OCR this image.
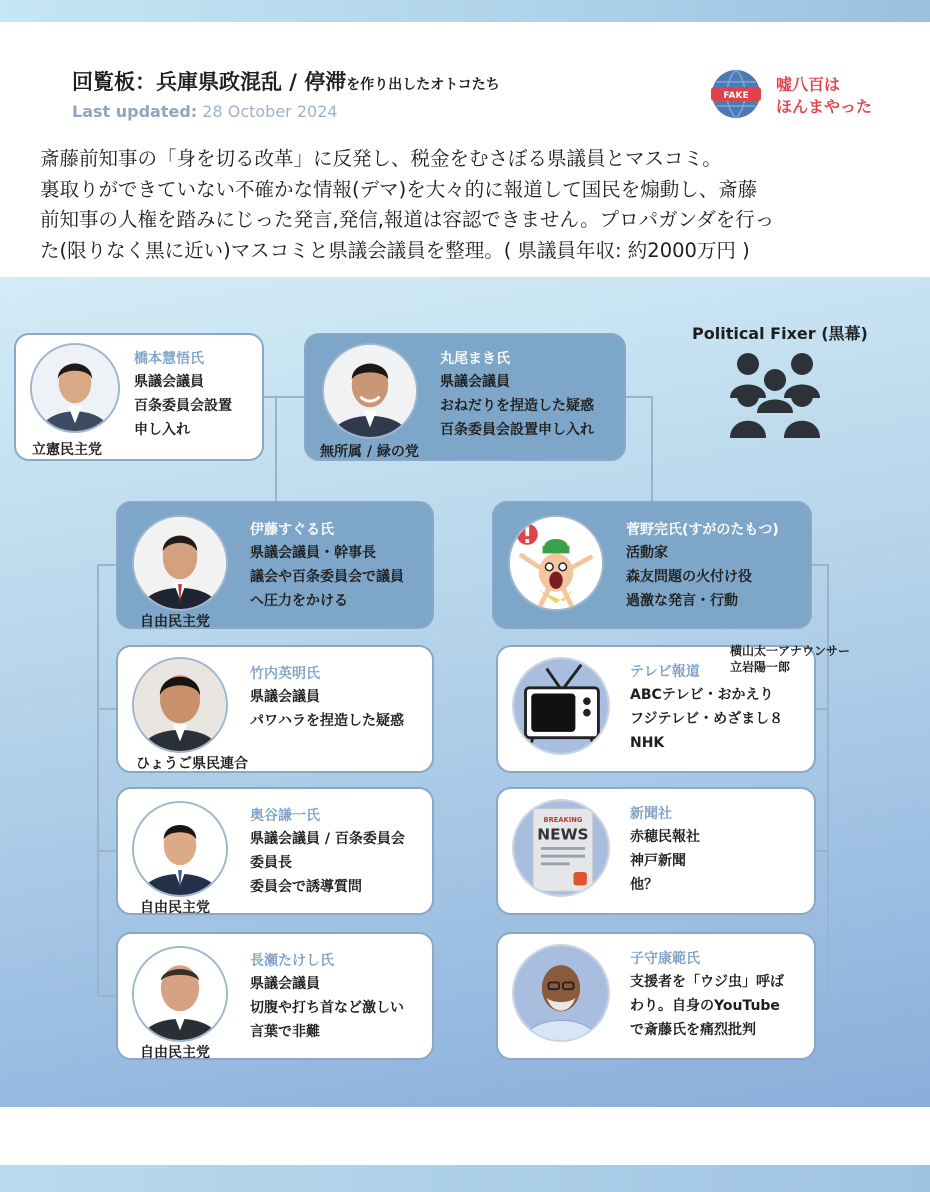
回覧板：兵庫県政混乱 / 停滞を作り出したオトコたち
Last updated: 28 October 2024
FAKE
嘘八百は
ほんまやった
斎藤前知事の「身を切る改革」に反発し、税金をむさぼる県議員とマスコミ。
裏取りができていない不確かな情報(デマ)を大々的に報道して国民を煽動し、斎藤
前知事の人権を踏みにじった発言,発信,報道は容認できません。プロパガンダを行っ
た(限りなく黒に近い)マスコミと県議会議員を整理。( 県議員年収: 約2000万円 )
Political Fixer (黒幕)
橋本慧悟氏
県議会議員
百条委員会設置
申し入れ
立憲民主党
丸尾まき氏
県議会議員
おねだりを捏造した疑惑
百条委員会設置申し入れ
無所属 / 緑の党
伊藤すぐる氏
県議会議員・幹事長
議会や百条委員会で議員
へ圧力をかける
自由民主党
竹内英明氏
県議会議員
パワハラを捏造した疑惑
ひょうご県民連合
奥谷謙一氏
県議会議員 / 百条委員会
委員長
委員会で誘導質問
自由民主党
長瀬たけし氏
県議会議員
切腹や打ち首など激しい
言葉で非難
自由民主党
菅野完氏(すがのたもつ)
活動家
森友問題の火付け役
過激な発言・行動
テレビ報道
ABCテレビ・おかえり
フジテレビ・めざまし８
NHK
BREAKING
NEWS
新聞社
赤穂民報社
神戸新聞
他？
子守康範氏
支援者を「ウジ虫」呼ば
わり。自身のYouTube
で斎藤氏を痛烈批判
横山太一アナウンサー
立岩陽一郎
